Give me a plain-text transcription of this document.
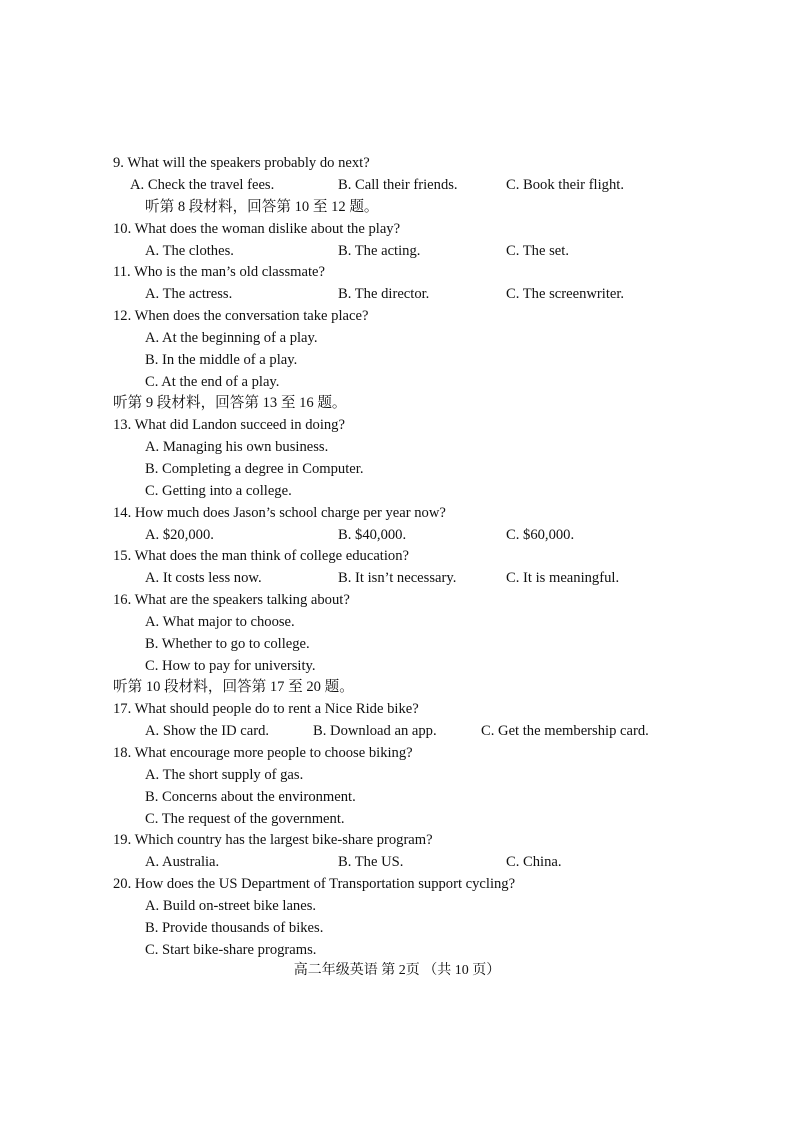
9. What will the speakers probably do next?
A. Check the travel fees.	B. Call their friends.	C. Book their flight.
听第 8 段材料，回答第 10 至 12 题。
10. What does the woman dislike about the play?
A. The clothes.	B. The acting.	C. The set.
11. Who is the man’s old classmate?
A. The actress.	B. The director.	C. The screenwriter.
12. When does the conversation take place?
A. At the beginning of a play.
B. In the middle of a play.
C. At the end of a play.
听第 9 段材料，回答第 13 至 16 题。
13. What did Landon succeed in doing?
A. Managing his own business.
B. Completing a degree in Computer.
C. Getting into a college.
14. How much does Jason’s school charge per year now?
A. $20,000.	B. $40,000.	C. $60,000.
15. What does the man think of college education?
A. It costs less now.	B. It isn’t necessary.	C. It is meaningful.
16. What are the speakers talking about?
A. What major to choose.
B. Whether to go to college.
C. How to pay for university.
听第 10 段材料，回答第 17 至 20 题。
17. What should people do to rent a Nice Ride bike?
A. Show the ID card.	B. Download an app.	C. Get the membership card.
18. What encourage more people to choose biking?
A. The short supply of gas.
B. Concerns about the environment.
C. The request of the government.
19. Which country has the largest bike-share program?
A. Australia.	B. The US.	C. China.
20. How does the US Department of Transportation support cycling?
A. Build on-street bike lanes.
B. Provide thousands of bikes.
C. Start bike-share programs.
高二年级英语 第 2页 （共 10 页）
